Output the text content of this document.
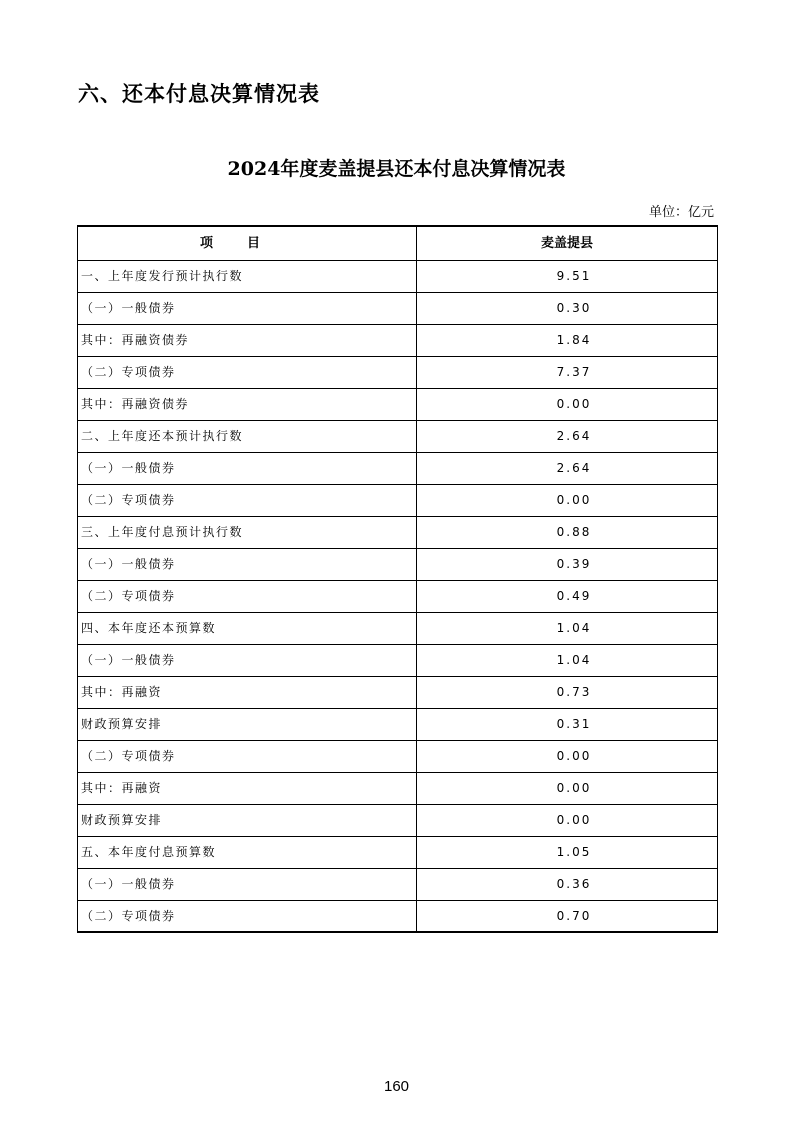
六、还本付息决算情况表
2024年度麦盖提县还本付息决算情况表
单位：亿元
项目	麦盖提县
一、上年度发行预计执行数	9.51
（一）一般债券	0.30
其中：再融资债券	1.84
（二）专项债券	7.37
其中：再融资债券	0.00
二、上年度还本预计执行数	2.64
（一）一般债券	2.64
（二）专项债券	0.00
三、上年度付息预计执行数	0.88
（一）一般债券	0.39
（二）专项债券	0.49
四、本年度还本预算数	1.04
（一）一般债券	1.04
其中：再融资	0.73
财政预算安排	0.31
（二）专项债券	0.00
其中：再融资	0.00
财政预算安排	0.00
五、本年度付息预算数	1.05
（一）一般债券	0.36
（二）专项债券	0.70
160
